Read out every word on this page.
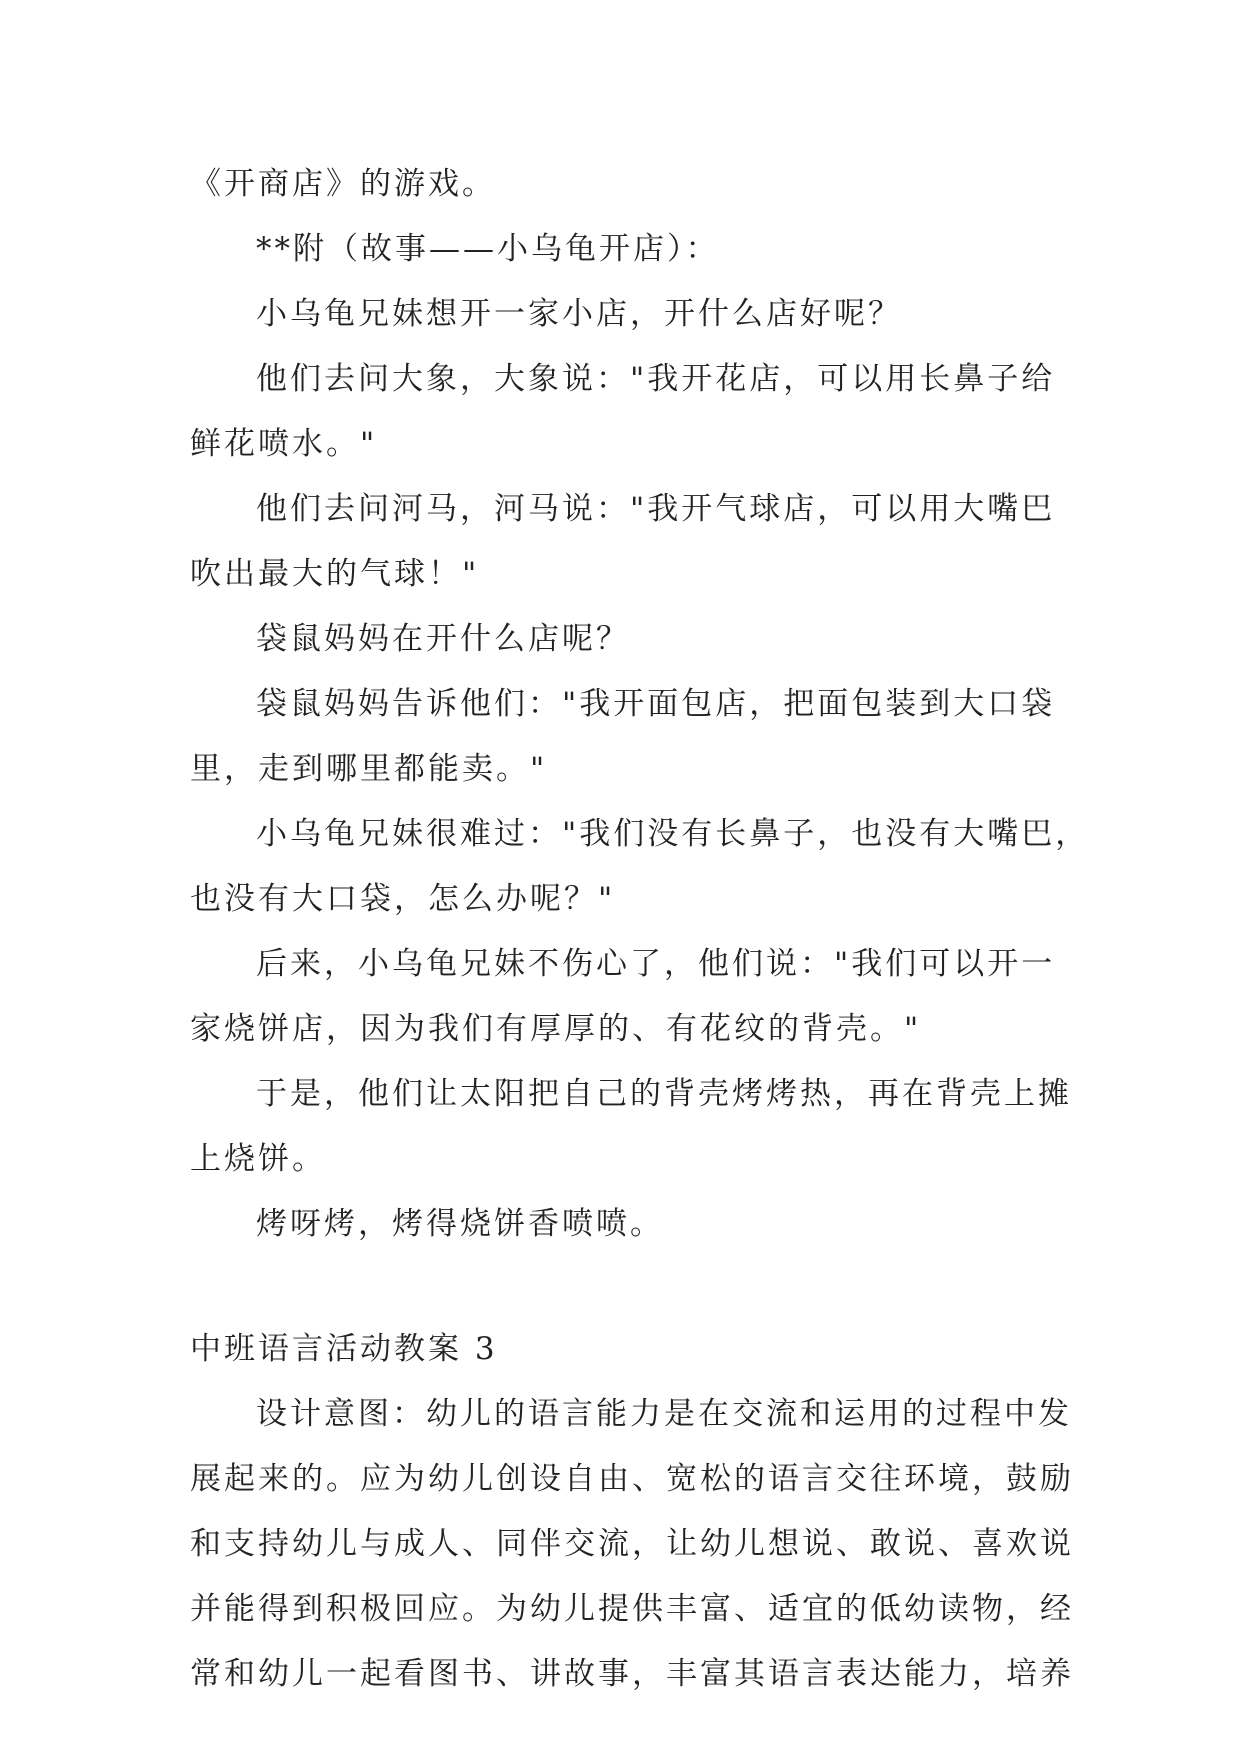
《开商店》的游戏。
**附（故事——小乌龟开店）：
小乌龟兄妹想开一家小店，开什么店好呢？
他们去问大象，大象说："我开花店，可以用长鼻子给
鲜花喷水。"
他们去问河马，河马说："我开气球店，可以用大嘴巴
吹出最大的气球！"
袋鼠妈妈在开什么店呢？
袋鼠妈妈告诉他们："我开面包店，把面包装到大口袋
里，走到哪里都能卖。"
小乌龟兄妹很难过："我们没有长鼻子，也没有大嘴巴，
也没有大口袋，怎么办呢？"
后来，小乌龟兄妹不伤心了，他们说："我们可以开一
家烧饼店，因为我们有厚厚的、有花纹的背壳。"
于是，他们让太阳把自己的背壳烤烤热，再在背壳上摊
上烧饼。
烤呀烤，烤得烧饼香喷喷。
中班语言活动教案 3
设计意图：幼儿的语言能力是在交流和运用的过程中发
展起来的。应为幼儿创设自由、宽松的语言交往环境，鼓励
和支持幼儿与成人、同伴交流，让幼儿想说、敢说、喜欢说
并能得到积极回应。为幼儿提供丰富、适宜的低幼读物，经
常和幼儿一起看图书、讲故事，丰富其语言表达能力，培养
